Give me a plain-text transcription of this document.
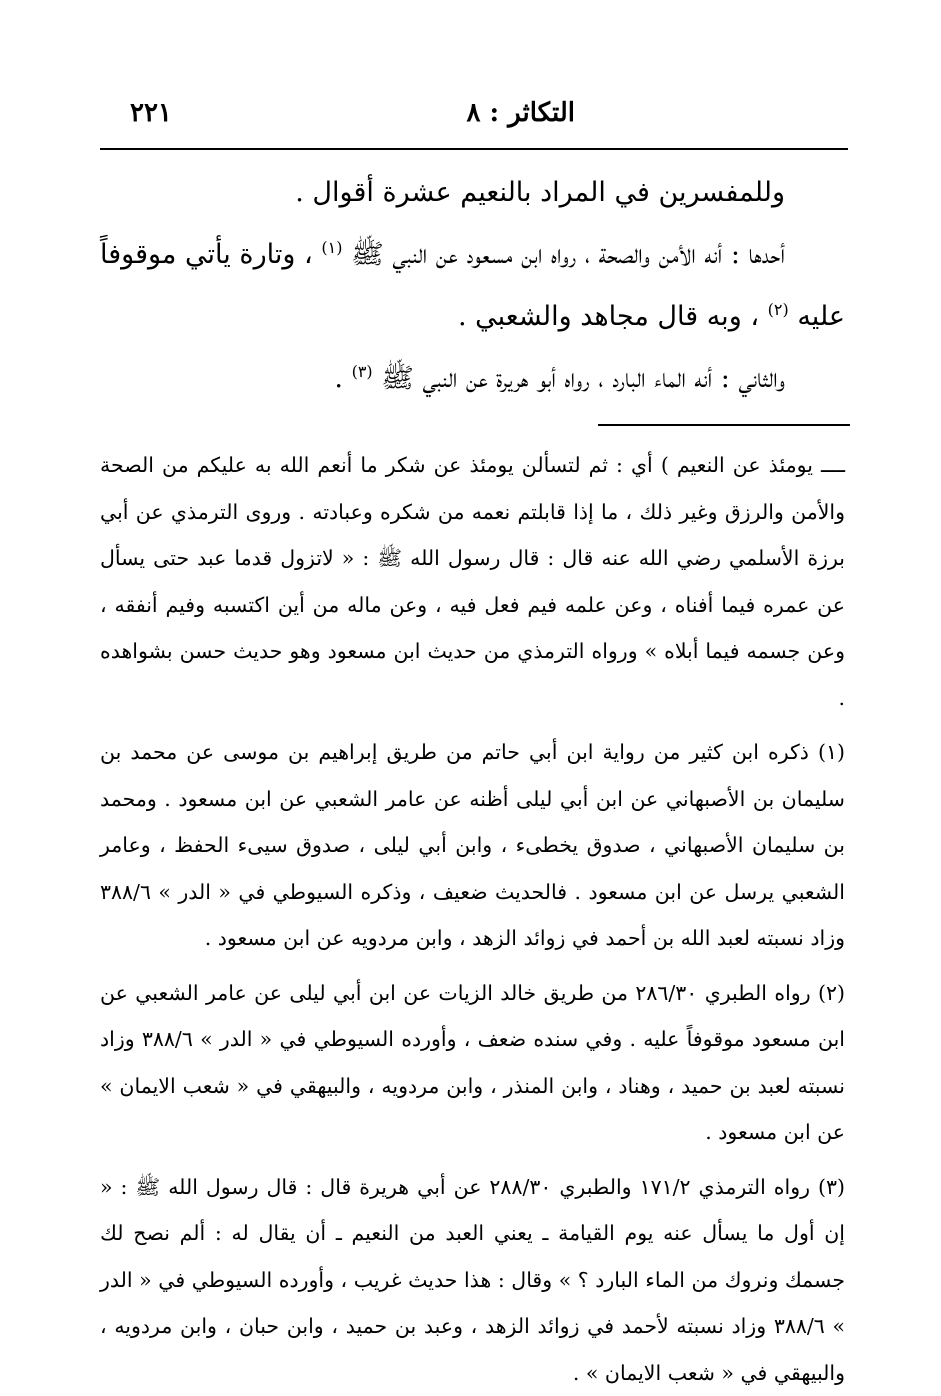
التكاثر : ٨
٢٢١

وللمفسرين في المراد بالنعيم عشرة أقوال .

أحدها : أنه الأمن والصحة ، رواه ابن مسعود عن النبي ﷺ $^{(١)}$ ، وتارة يأتي موقوفاً عليه $^{(٢)}$ ، وبه قال مجاهد والشعبي .

والثاني : أنه الماء البارد ، رواه أبو هريرة عن النبي ﷺ $^{(٣)}$ .

ــــ يومئذ عن النعيم ) أي : ثم لتسألن يومئذ عن شكر ما أنعم الله به عليكم من الصحة والأمن والرزق وغير ذلك ، ما إذا قابلتم نعمه من شكره وعبادته . وروى الترمذي عن أبي برزة الأسلمي رضي الله عنه قال : قال رسول الله ﷺ : « لاتزول قدما عبد حتى يسأل عن عمره فيما أفناه ، وعن علمه فيم فعل فيه ، وعن ماله من أين اكتسبه وفيم أنفقه ، وعن جسمه فيما أبلاه » ورواه الترمذي من حديث ابن مسعود وهو حديث حسن بشواهده .

(١) ذكره ابن كثير من رواية ابن أبي حاتم من طريق إبراهيم بن موسى عن محمد بن سليمان بن الأصبهاني عن ابن أبي ليلى أظنه عن عامر الشعبي عن ابن مسعود . ومحمد بن سليمان الأصبهاني ، صدوق يخطىء ، وابن أبي ليلى ، صدوق سيىء الحفظ ، وعامر الشعبي يرسل عن ابن مسعود . فالحديث ضعيف ، وذكره السيوطي في « الدر » ٣٨٨/٦ وزاد نسبته لعبد الله بن أحمد في زوائد الزهد ، وابن مردويه عن ابن مسعود .

(٢) رواه الطبري ٢٨٦/٣٠ من طريق خالد الزيات عن ابن أبي ليلى عن عامر الشعبي عن ابن مسعود موقوفاً عليه . وفي سنده ضعف ، وأورده السيوطي في « الدر » ٣٨٨/٦ وزاد نسبته لعبد بن حميد ، وهناد ، وابن المنذر ، وابن مردويه ، والبيهقي في « شعب الايمان » عن ابن مسعود .

(٣) رواه الترمذي ١٧١/٢ والطبري ٢٨٨/٣٠ عن أبي هريرة قال : قال رسول الله ﷺ : « إن أول ما يسأل عنه يوم القيامة ـ يعني العبد من النعيم ـ أن يقال له : ألم نصح لك جسمك ونروك من الماء البارد ؟ » وقال : هذا حديث غريب ، وأورده السيوطي في « الدر » ٣٨٨/٦ وزاد نسبته لأحمد في زوائد الزهد ، وعبد بن حميد ، وابن حبان ، وابن مردويه ، والبيهقي في « شعب الايمان » .
